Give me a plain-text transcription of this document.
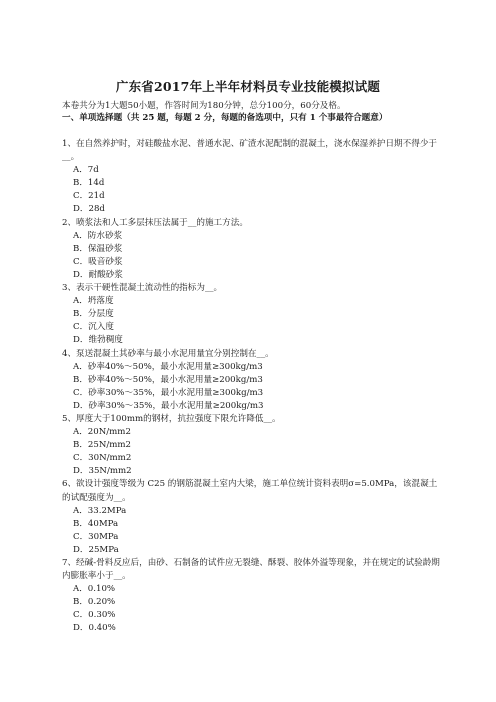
广东省2017年上半年材料员专业技能模拟试题
本卷共分为1大题50小题，作答时间为180分钟，总分100分，60分及格。
一、单项选择题（共 25 题，每题 2 分，每题的备选项中，只有 1 个事最符合题意）

1、在自然养护时，对硅酸盐水泥、普通水泥、矿渣水泥配制的混凝土，浇水保湿养护日期不得少于__。

A．7d

B．14d

C．21d

D．28d

2、喷浆法和人工多层抹压法属于__的施工方法。

A．防水砂浆

B．保温砂浆

C．吸音砂浆

D．耐酸砂浆

3、表示干硬性混凝土流动性的指标为__。

A．坍落度

B．分层度

C．沉入度

D．维勃稠度

4、泵送混凝土其砂率与最小水泥用量宜分别控制在__。

A．砂率40%～50%，最小水泥用量≥300kg/m3

B．砂率40%～50%，最小水泥用量≥200kg/m3

C．砂率30%～35%，最小水泥用量≥300kg/m3

D．砂率30%～35%，最小水泥用量≥200kg/m3

5、厚度大于100mm的钢材，抗拉强度下限允许降低__。

A．20N/mm2

B．25N/mm2

C．30N/mm2

D．35N/mm2

6、欲设计强度等级为 C25 的钢筋混凝土室内大梁，施工单位统计资料表明σ=5.0MPa，该混凝土的试配强度为__。

A．33.2MPa

B．40MPa

C．30MPa

D．25MPa

7、经碱-骨料反应后，由砂、石制备的试件应无裂缝、酥裂、胶体外溢等现象，并在规定的试验龄期内膨胀率小于__。

A．0.10%

B．0.20%

C．0.30%

D．0.40%
